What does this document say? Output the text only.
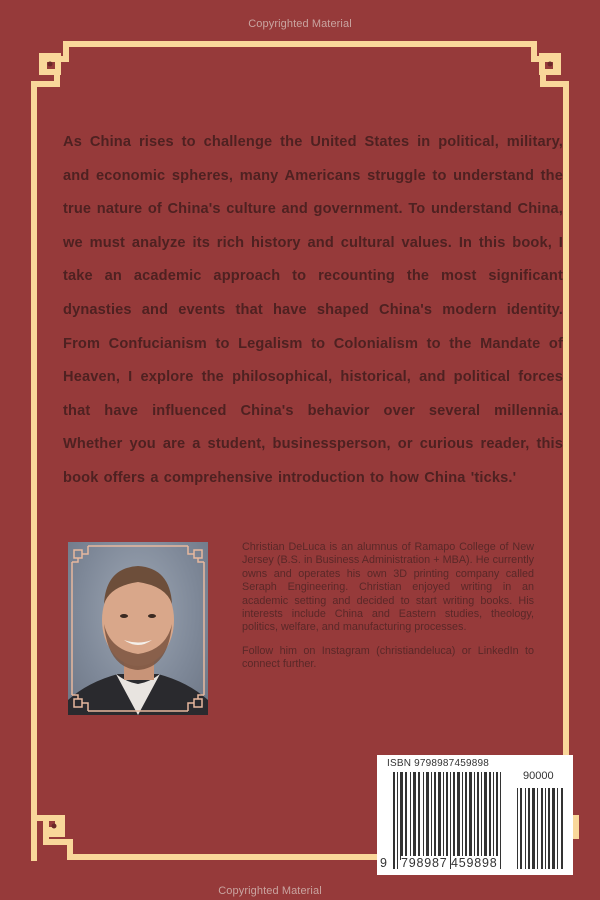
Copyrighted Material
As China rises to challenge the United States in political, military, and economic spheres, many Americans struggle to understand the true nature of China's culture and government. To understand China, we must analyze its rich history and cultural values. In this book, I take an academic approach to recounting the most significant dynasties and events that have shaped China's modern identity. From Confucianism to Legalism to Colonialism to the Mandate of Heaven, I explore the philosophical, historical, and political forces that have influenced China's behavior over several millennia. Whether you are a student, businessperson, or curious reader, this book offers a comprehensive introduction to how China 'ticks.'

Christian DeLuca is an alumnus of Ramapo College of New Jersey (B.S. in Business Administration + MBA). He currently owns and operates his own 3D printing company called Seraph Engineering. Christian enjoyed writing in an academic setting and decided to start writing books. His interests include China and Eastern studies, theology, politics, welfare, and manufacturing processes.

Follow him on Instagram (christiandeluca) or LinkedIn to connect further.

ISBN 9798987459898
90000
9 798987 459898
Copyrighted Material
